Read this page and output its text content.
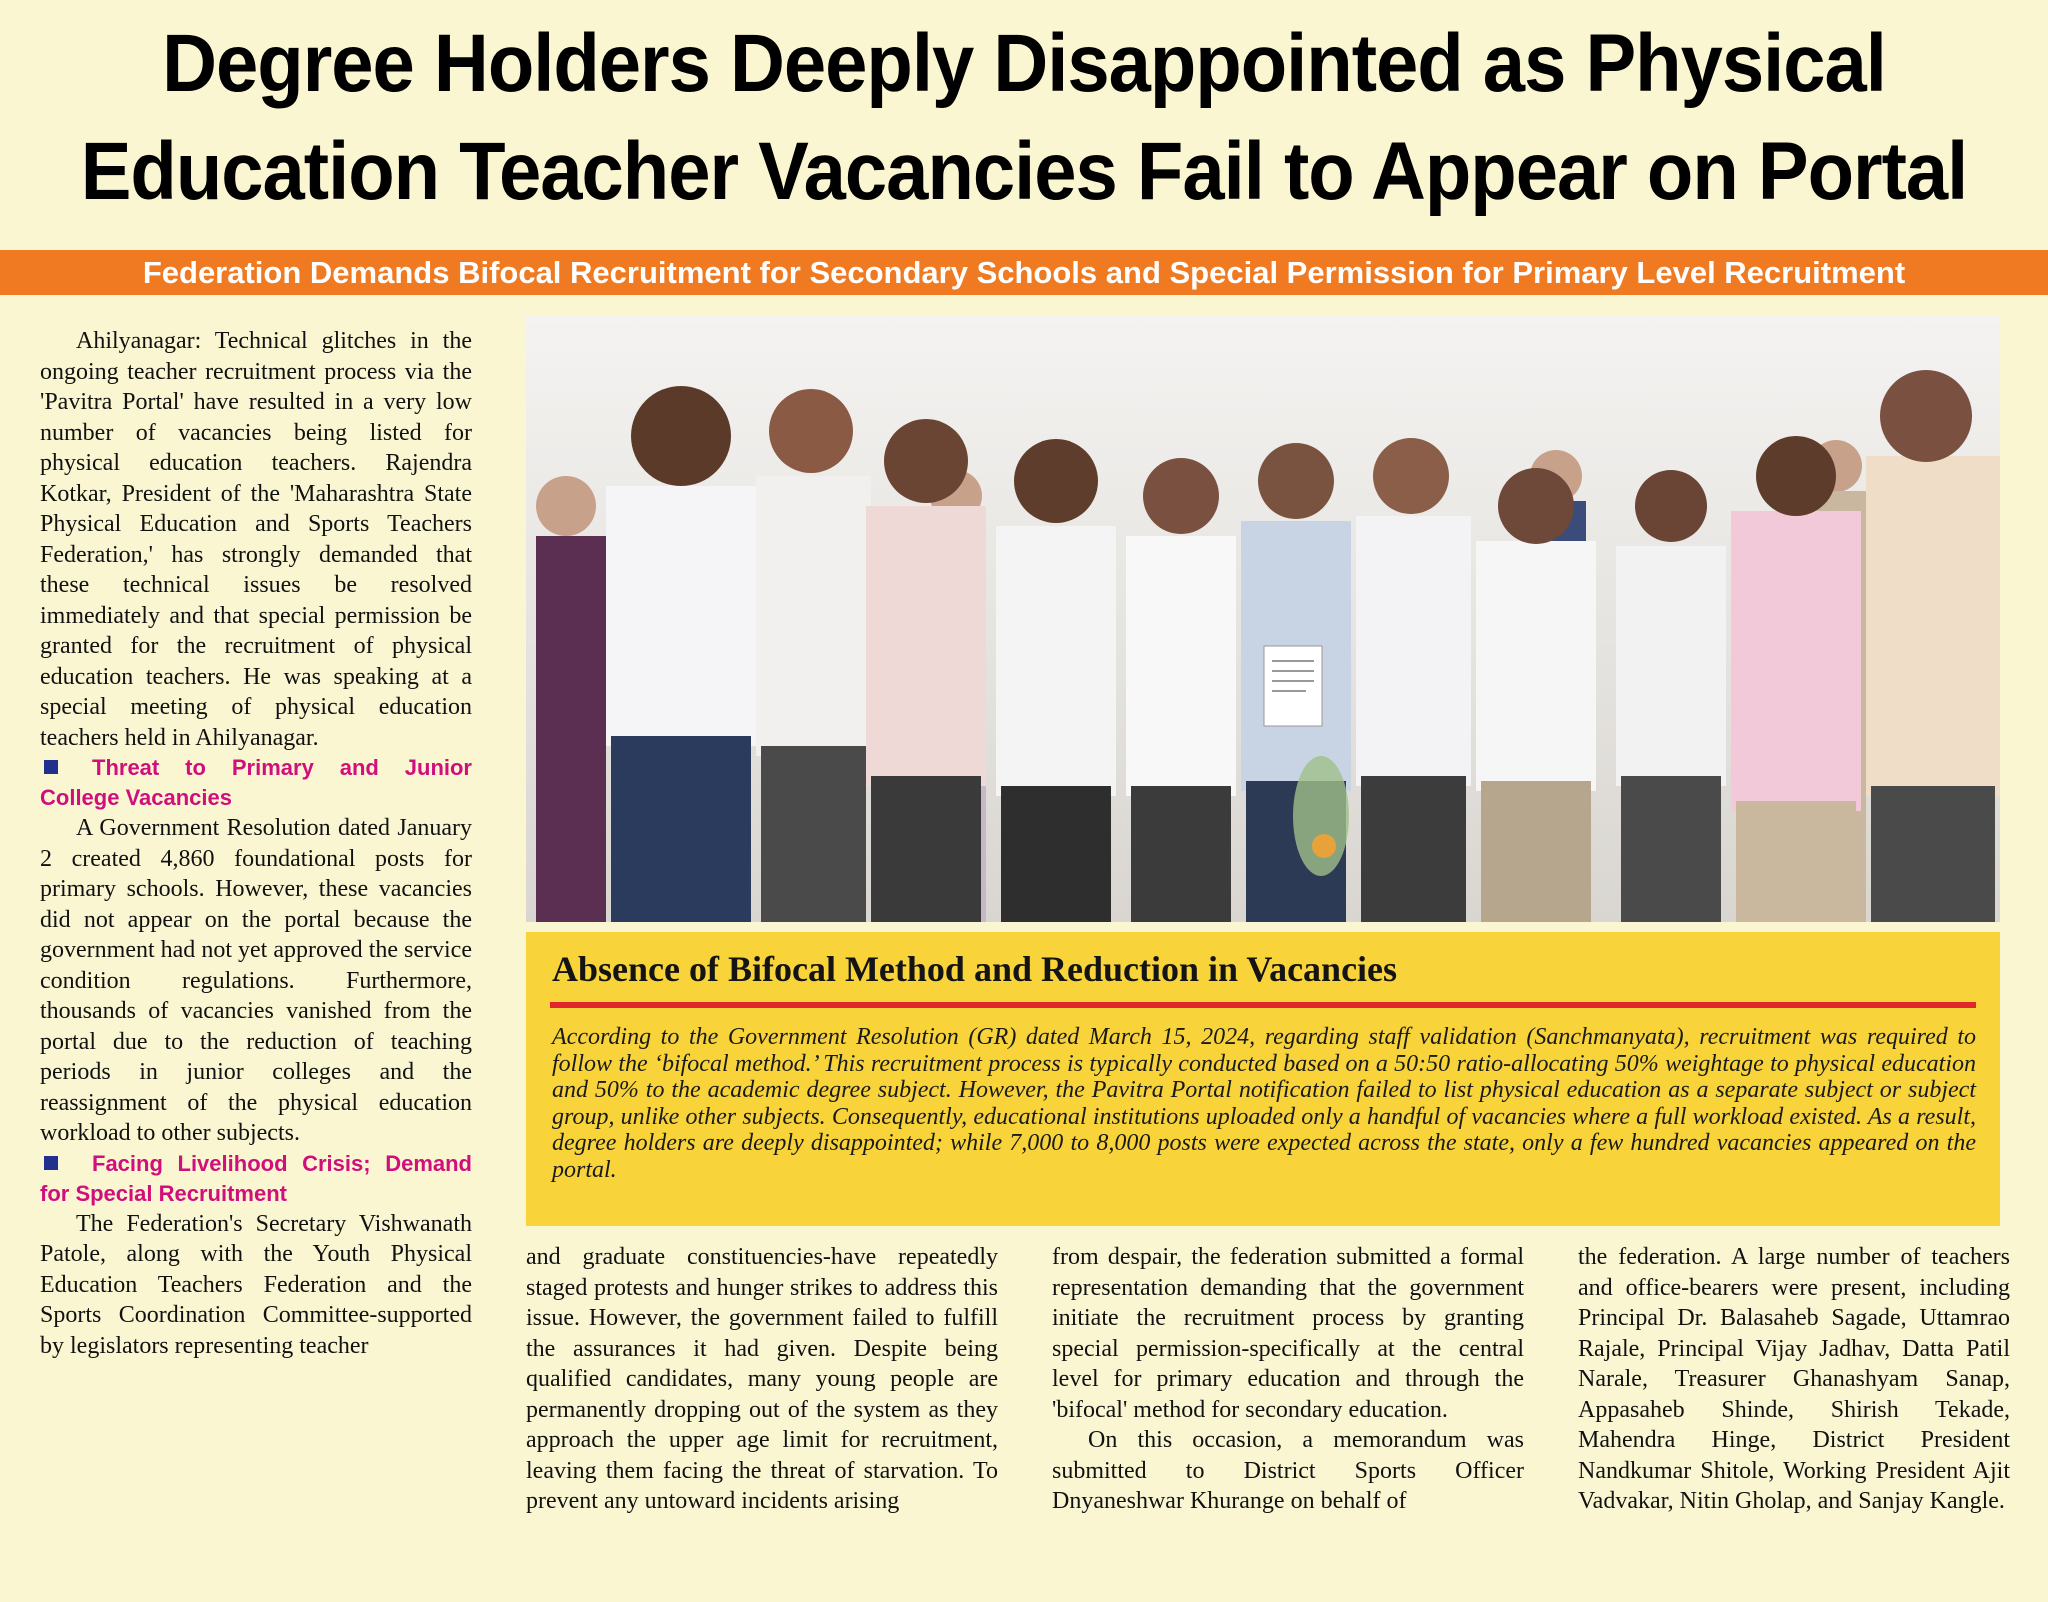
Degree Holders Deeply Disappointed as Physical
Education Teacher Vacancies Fail to Appear on Portal
Federation Demands Bifocal Recruitment for Secondary Schools and Special Permission for Primary Level Recruitment

Ahilyanagar: Technical glitches in the ongoing teacher recruitment process via the 'Pavitra Portal' have resulted in a very low number of vacancies being listed for physical education teachers. Rajendra Kotkar, President of the 'Maharashtra State Physical Education and Sports Teachers Federation,' has strongly demanded that these technical issues be resolved immediately and that special permission be granted for the recruitment of physical education teachers. He was speaking at a special meeting of physical education teachers held in Ahilyanagar.

Threat to Primary and Junior College Vacancies

A Government Resolution dated January 2 created 4,860 foundational posts for primary schools. However, these vacancies did not appear on the portal because the government had not yet approved the service condition regulations. Furthermore, thousands of vacancies vanished from the portal due to the reduction of teaching periods in junior colleges and the reassignment of the physical education workload to other subjects.

Facing Livelihood Crisis; Demand for Special Recruitment

The Federation's Secretary Vishwanath Patole, along with the Youth Physical Education Teachers Federation and the Sports Coordination Committee-supported by legislators representing teacher

Absence of Bifocal Method and Reduction in Vacancies
According to the Government Resolution (GR) dated March 15, 2024, regarding staff validation (Sanchmanyata), recruitment was required to follow the ‘bifocal method.’ This recruitment process is typically conducted based on a 50:50 ratio-allocating 50% weightage to physical education and 50% to the academic degree subject. However, the Pavitra Portal notification failed to list physical education as a separate subject or subject group, unlike other subjects. Consequently, educational institutions uploaded only a handful of vacancies where a full workload existed. As a result, degree holders are deeply disappointed; while 7,000 to 8,000 posts were expected across the state, only a few hundred vacancies appeared on the portal.

and graduate constituencies-have repeatedly staged protests and hunger strikes to address this issue. However, the government failed to fulfill the assurances it had given. Despite being qualified candidates, many young people are permanently dropping out of the system as they approach the upper age limit for recruitment, leaving them facing the threat of starvation. To prevent any untoward incidents arising

from despair, the federation submitted a formal representation demanding that the government initiate the recruitment process by granting special permission-specifically at the central level for primary education and through the 'bifocal' method for secondary education.

On this occasion, a memorandum was submitted to District Sports Officer Dnyaneshwar Khurange on behalf of

the federation. A large number of teachers and office-bearers were present, including Principal Dr. Balasaheb Sagade, Uttamrao Rajale, Principal Vijay Jadhav, Datta Patil Narale, Treasurer Ghanashyam Sanap, Appasaheb Shinde, Shirish Tekade, Mahendra Hinge, District President Nandkumar Shitole, Working President Ajit Vadvakar, Nitin Gholap, and Sanjay Kangle.
